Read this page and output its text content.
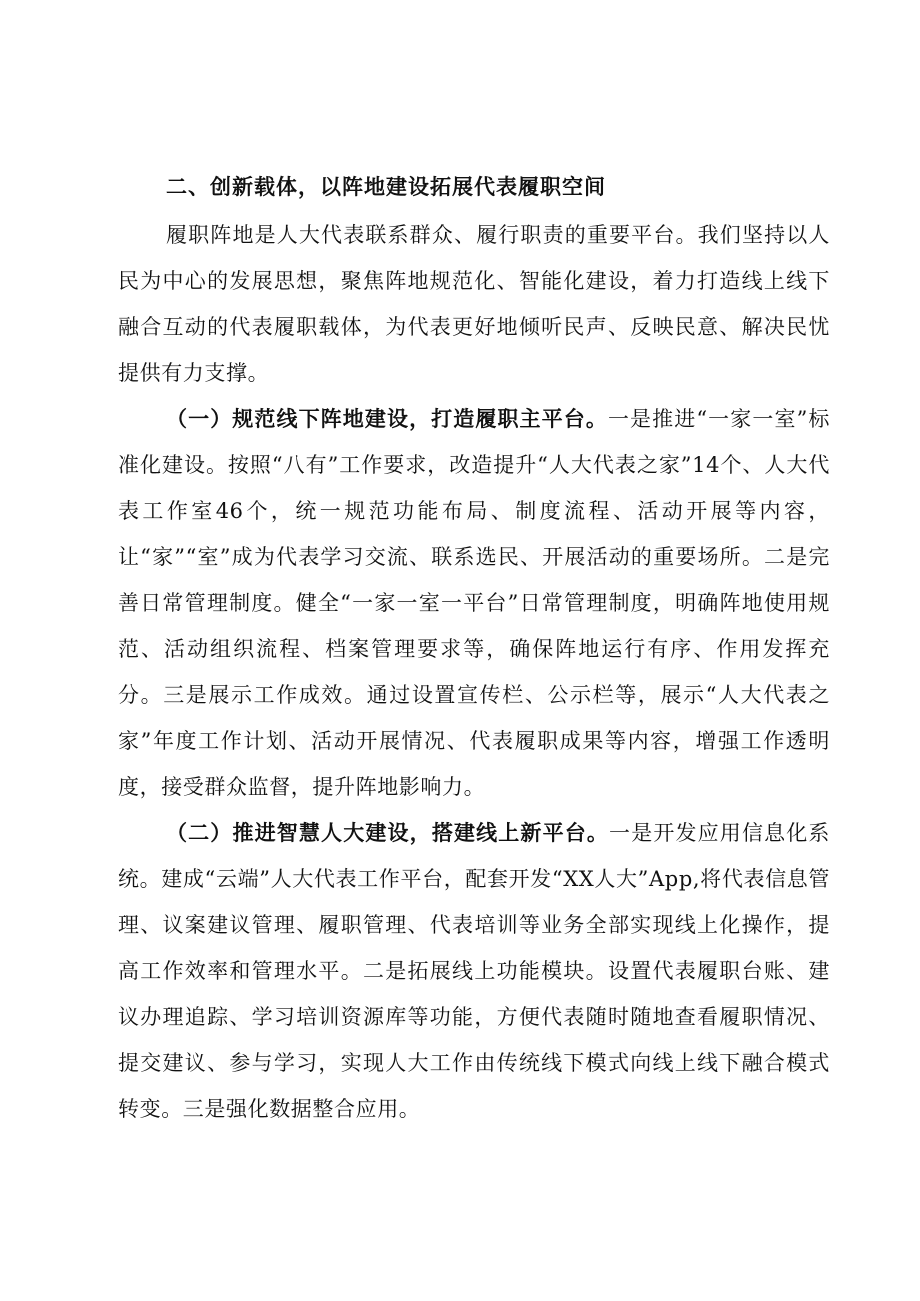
二、创新载体，以阵地建设拓展代表履职空间

履职阵地是人大代表联系群众、履行职责的重要平台。我们坚持以人民为中心的发展思想，聚焦阵地规范化、智能化建设，着力打造线上线下融合互动的代表履职载体，为代表更好地倾听民声、反映民意、解决民忧提供有力支撑。

（一）规范线下阵地建设，打造履职主平台。一是推进“一家一室”标准化建设。按照“八有”工作要求，改造提升“人大代表之家”14个、人大代表工作室46个，统一规范功能布局、制度流程、活动开展等内容，让“家”“室”成为代表学习交流、联系选民、开展活动的重要场所。二是完善日常管理制度。健全“一家一室一平台”日常管理制度，明确阵地使用规范、活动组织流程、档案管理要求等，确保阵地运行有序、作用发挥充分。三是展示工作成效。通过设置宣传栏、公示栏等，展示“人大代表之家”年度工作计划、活动开展情况、代表履职成果等内容，增强工作透明度，接受群众监督，提升阵地影响力。

（二）推进智慧人大建设，搭建线上新平台。一是开发应用信息化系统。建成“云端”人大代表工作平台，配套开发“XX人大”App,将代表信息管理、议案建议管理、履职管理、代表培训等业务全部实现线上化操作，提高工作效率和管理水平。二是拓展线上功能模块。设置代表履职台账、建议办理追踪、学习培训资源库等功能，方便代表随时随地查看履职情况、提交建议、参与学习，实现人大工作由传统线下模式向线上线下融合模式转变。三是强化数据整合应用。
